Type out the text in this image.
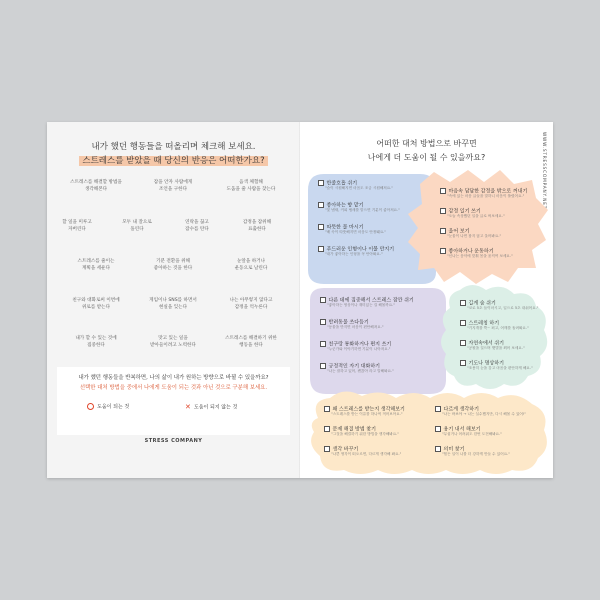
내가 했던 행동들을 떠올리며 체크해 보세요.
스트레스를 받았을 때 당신의 반응은 어떠한가요?
스트레스를 해결할 방법을
생각해본다
잠을 안자 사람에게
조언을 구한다
음색 체험해
도움을 줄 사람을 찾는다
할 일을 미루고
자버린다
모두 내 잘으로
돌린다
연락을 끊고
잠수를 탄다
감정을 잠위해
표출한다
스트레스를 줄이는
계획을 세운다
기분 전환을 위해
좋아하는 것을 한다
눈앞을 하거나
운동으로 날린다
친구와 대화로써 이번에
위로를 받는다
게임이나 SNS를 하면서
현실을 잊는다
나는 아무렇지 않다고
감정을 억누른다
내가 할 수 있는 것에
집중한다
맛고 있는 일을
받아들이려고 노력한다
스트레스를 해결하기 위한
행동을 한다
내가 했던 행동들을 반복하면, 나의 삶이 내가 원하는 방향으로 바뀔 수 있을까요?
선택한 대처 방법을 중에서 나에게 도움이 되는 것과 아닌 것으로 구분해 보세요.
도움이 되는 것	✕ 도움이 되지 않는 것
STRESS COMPANY
어떠한 대처 방법으로 바꾸면
나에게 더 도움이 될 수 있을까요?	WWW.STRESSCOMPANY.NET
한줄호흡 쉬기
"숨이 시원해지면 마음도 조금 시원해져요."
좋아하는 향 맡기
"꽃 냄새, 커피 냄새를 맡으면 기분이 좋아져요."
따뜻한 물 마시기
"배 속이 따뜻해지면 마음도 안정돼요."
푸드러운 인형이나 이불 만지기
"내가 좋아하는 인형을 꼭 안아봐요."
마음속 답답한 감정을 밖으로 꺼내기
"속에 있는 마음 글들을 말하니 마음이 풀렸어요."
감정 일기 쓰기
"오늘 속상했던 일을 글로 써보세요."
울어 보기
"눈물이 나면 참지 않고 울어봐요."
좋아하거나 운동하기
"신나는 음악에 맞춰 몸을 움직여 보세요."
다른 데에 집중해서 스트레스 잠깐 쉬기
"좋아하는 영상이나 재미있는 걸 해볼까요."
반려동물 쓰다듬기
"동물을 만지면 마음이 편안해져요."
친구랑 통화하거나 편지 쓰기
"누군가와 이야기하면 기분이 나아져요."
긍정적인 자기 대화하기
"나는 잘하고 있어, 괜찮아 라고 말해봐요."
길게 숨 쉬기
"코로 5초 들이마시고, 입으로 5초 내쉬어요."
스트레칭 하기
"기지개를 쭉~ 펴고, 어깨를 돌려봐요."
자연속에서 쉬기
"공원을 걸으며 햇볕을 쬐어 보세요."
기도나 명상하기
"조용히 눈을 감고 마음을 편안하게 해요."
왜 스트레스를 받는지 생각해보기
"스트레스를 받는 이유를 하나씩 적어보아요."
문제 해결 방법 찾기
"그것을 해결하기 위한 방법을 생각해봐요."
생각 바꾸기
"나쁜 생각이 떠오르면, 다르게 생각해 봐요."
다르게 생각하기
"나는 바보야 → 나는 실수했지만, 다시 해볼 수 있어!"
용기 내서 해보기
"무섭거나 어려워도 한번 도전해봐요."
의미 찾기
"힘든 일이 나를 더 강하게 만들 수 있어요."
